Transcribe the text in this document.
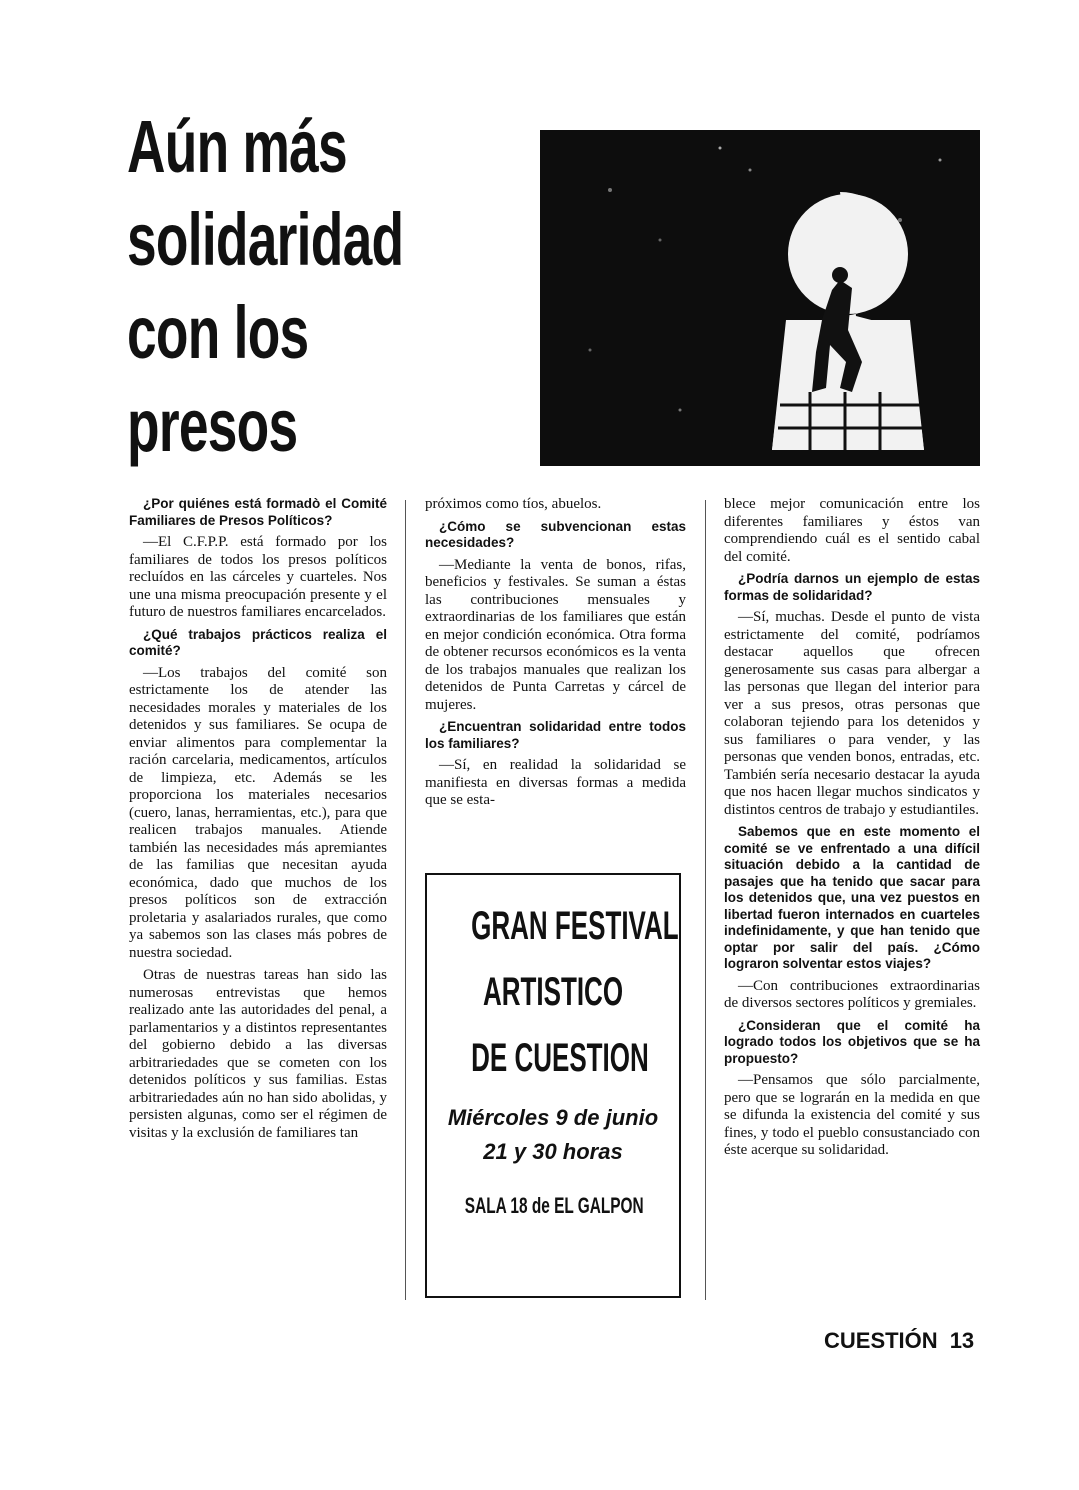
Aún más
solidaridad
con los
presos

¿Por quiénes está formadò el Comité Familiares de Presos Políticos?

—El C.F.P.P. está formado por los familiares de todos los presos políticos recluídos en las cárceles y cuarteles. Nos une una misma preocupación presente y el futuro de nuestros familiares encarcelados.

¿Qué trabajos prácticos realiza el comité?

—Los trabajos del comité son estrictamente los de atender las necesidades morales y materiales de los detenidos y sus familiares. Se ocupa de enviar alimentos para complementar la ración carcelaria, medicamentos, artículos de limpieza, etc. Además se les proporciona los materiales necesarios (cuero, lanas, herramientas, etc.), para que realicen trabajos manuales. Atiende también las necesidades más apremiantes de las familias que necesitan ayuda económica, dado que muchos de los presos políticos son de extracción proletaria y asalariados rurales, que como ya sabemos son las clases más pobres de nuestra sociedad.

Otras de nuestras tareas han sido las numerosas entrevistas que hemos realizado ante las autoridades del penal, a parlamentarios y a distintos representantes del gobierno debido a las diversas arbitrariedades que se cometen con los detenidos políticos y sus familias. Estas arbitrariedades aún no han sido abolidas, y persisten algunas, como ser el régimen de visitas y la exclusión de familiares tan

próximos como tíos, abuelos.

¿Cómo se subvencionan estas necesidades?

—Mediante la venta de bonos, rifas, beneficios y festivales. Se suman a éstas las contribuciones mensuales y extraordinarias de los familiares que están en mejor condición económica. Otra forma de obtener recursos económicos es la venta de los trabajos manuales que realizan los detenidos de Punta Carretas y cárcel de mujeres.

¿Encuentran solidaridad entre todos los familiares?

—Sí, en realidad la solidaridad se manifiesta en diversas formas a medida que se esta-

GRAN FESTIVAL
ARTISTICO
DE CUESTION
Miércoles 9 de junio
21 y 30 horas
SALA 18 de EL GALPON

blece mejor comunicación entre los diferentes familiares y éstos van comprendiendo cuál es el sentido cabal del comité.

¿Podría darnos un ejemplo de estas formas de solidaridad?

—Sí, muchas. Desde el punto de vista estrictamente del comité, podríamos destacar aquellos que ofrecen generosamente sus casas para albergar a las personas que llegan del interior para ver a sus presos, otras personas que colaboran tejiendo para los detenidos y sus familiares o para vender, y las personas que venden bonos, entradas, etc. También sería necesario destacar la ayuda que nos hacen llegar muchos sindicatos y distintos centros de trabajo y estudiantiles.

Sabemos que en este momento el comité se ve enfrentado a una difícil situación debido a la cantidad de pasajes que ha tenido que sacar para los detenidos que, una vez puestos en libertad fueron internados en cuarteles indefinidamente, y que han tenido que optar por salir del país. ¿Cómo lograron solventar estos viajes?

—Con contribuciones extraordinarias de diversos sectores políticos y gremiales.

¿Consideran que el comité ha logrado todos los objetivos que se ha propuesto?

—Pensamos que sólo parcialmente, pero que se lograrán en la medida en que se difunda la existencia del comité y sus fines, y todo el pueblo consustanciado con éste acerque su solidaridad.

CUESTIÓN 13
